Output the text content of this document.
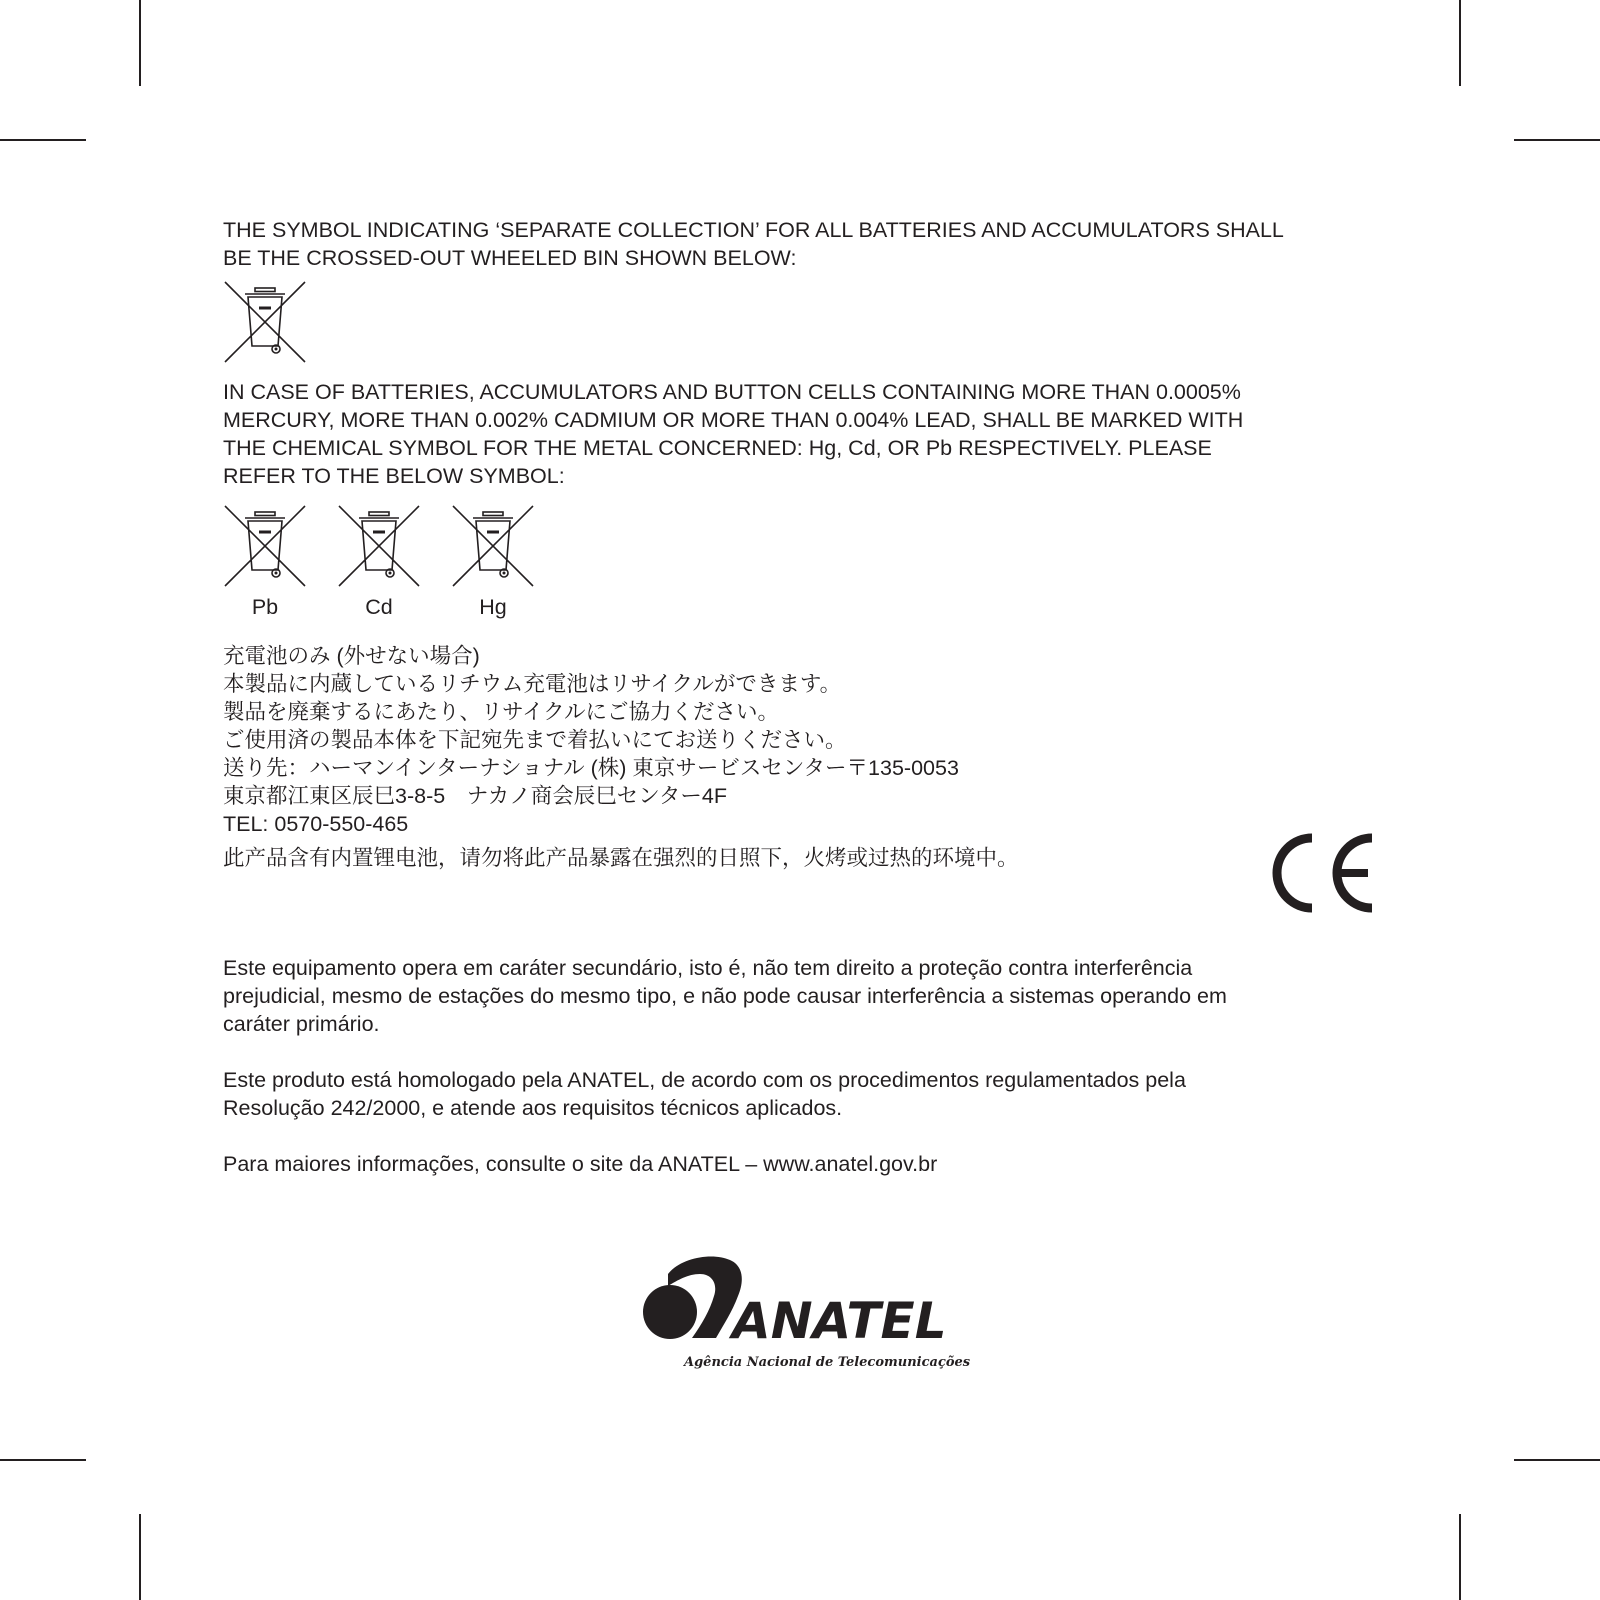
THE SYMBOL INDICATING ‘SEPARATE COLLECTION’ FOR ALL BATTERIES AND ACCUMULATORS SHALL
BE THE CROSSED-OUT WHEELED BIN SHOWN BELOW:

IN CASE OF BATTERIES, ACCUMULATORS AND BUTTON CELLS CONTAINING MORE THAN 0.0005%
MERCURY, MORE THAN 0.002% CADMIUM OR MORE THAN 0.004% LEAD, SHALL BE MARKED WITH
THE CHEMICAL SYMBOL FOR THE METAL CONCERNED: Hg, Cd, OR Pb RESPECTIVELY. PLEASE
REFER TO THE BELOW SYMBOL:

Pb	Cd	Hg
充電池のみ (外せない場合)
本製品に内蔵しているリチウム充電池はリサイクルができます。
製品を廃棄するにあたり、リサイクルにご協力ください。
ご使用済の製品本体を下記宛先まで着払いにてお送りください。
送り先：ハーマンインターナショナル (株) 東京サービスセンター〒135-0053
東京都江東区辰巳3-8-5　ナカノ商会辰巳センター4F
TEL: 0570-550-465
此产品含有内置锂电池，请勿将此产品暴露在强烈的日照下，火烤或过热的环境中。

Este equipamento opera em caráter secundário, isto é, não tem direito a proteção contra interferência
prejudicial, mesmo de estações do mesmo tipo, e não pode causar interferência a sistemas operando em
caráter primário.

Este produto está homologado pela ANATEL, de acordo com os procedimentos regulamentados pela
Resolução 242/2000, e atende aos requisitos técnicos aplicados.

Para maiores informações, consulte o site da ANATEL – www.anatel.gov.br

ANATEL
Agência Nacional de Telecomunicações
